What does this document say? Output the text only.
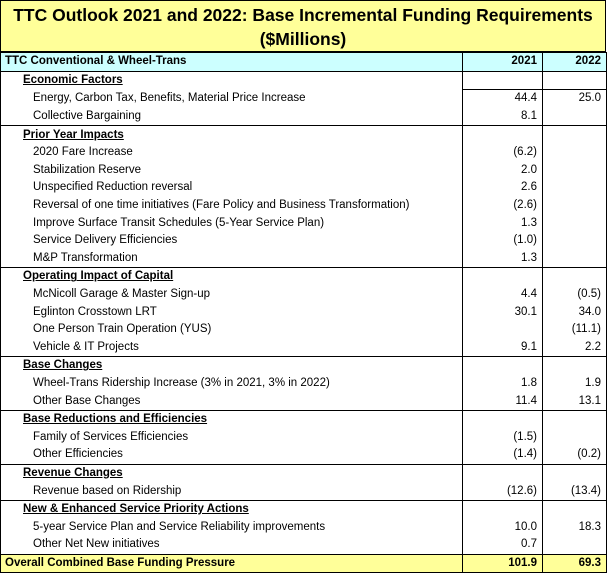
TTC Outlook 2021 and 2022: Base Incremental Funding Requirements
($Millions)
TTC Conventional & Wheel-Trans	2021	2022
Economic Factors		
Energy, Carbon Tax, Benefits, Material Price Increase	44.4	25.0
Collective Bargaining	8.1	
Prior Year Impacts		
2020 Fare Increase	(6.2)	
Stabilization Reserve	2.0	
Unspecified Reduction reversal	2.6	
Reversal of one time initiatives (Fare Policy and Business Transformation)	(2.6)	
Improve Surface Transit Schedules (5-Year Service Plan)	1.3	
Service Delivery Efficiencies	(1.0)	
M&P Transformation	1.3	
Operating Impact of Capital		
McNicoll Garage & Master Sign-up	4.4	(0.5)
Eglinton Crosstown LRT	30.1	34.0
One Person Train Operation (YUS)		(11.1)
Vehicle & IT Projects	9.1	2.2
Base Changes		
Wheel-Trans Ridership Increase (3% in 2021, 3% in 2022)	1.8	1.9
Other Base Changes	11.4	13.1
Base Reductions and Efficiencies		
Family of Services Efficiencies	(1.5)	
Other Efficiencies	(1.4)	(0.2)
Revenue Changes		
Revenue based on Ridership	(12.6)	(13.4)
New & Enhanced Service Priority Actions		
5-year Service Plan and Service Reliability improvements	10.0	18.3
Other Net New initiatives	0.7	
Overall Combined Base Funding Pressure	101.9	69.3
